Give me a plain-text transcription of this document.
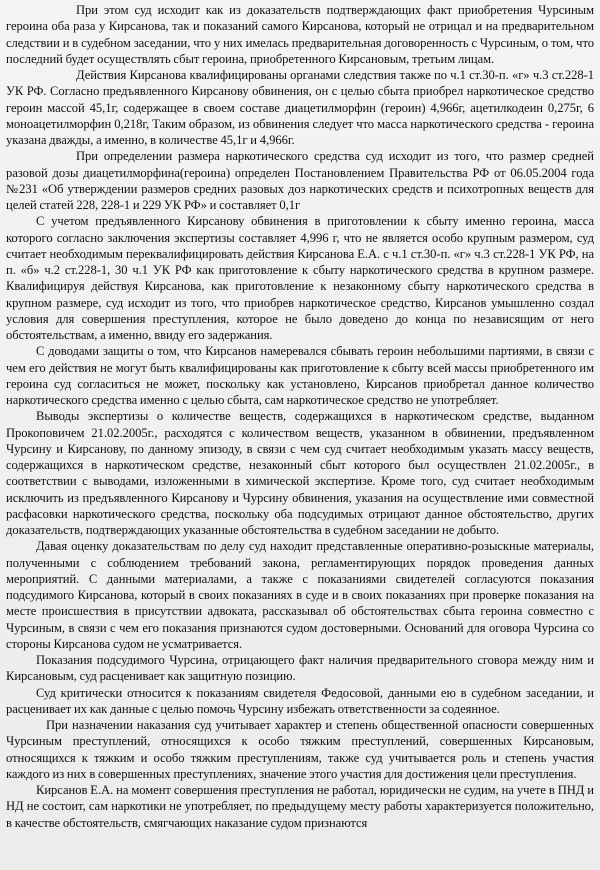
При этом суд исходит как из доказательств подтверждающих факт приобретения Чурсиным героина оба раза у Кирсанова, так и показаний самого Кирсанова, который не отрицал и на предварительном следствии и в судебном заседании, что у них имелась предварительная договоренность с Чурсиным, о том, что последний будет осуществлять сбыт героина, приобретенного Кирсановым, третьим лицам.

Действия Кирсанова квалифицированы органами следствия также по ч.1 ст.30-п. «г» ч.3 ст.228-1 УК РФ. Согласно предъявленного Кирсанову обвинения, он с целью сбыта приобрел наркотическое средство героин массой 45,1г, содержащее в своем составе диацетилморфин (героин) 4,966г, ацетилкодеин 0,275г, 6 моноацетилморфин 0,218г, Таким образом, из обвинения следует что масса наркотического средства - героина указана дважды, а именно, в количестве 45,1г и 4,966г.

При определении размера наркотического средства суд исходит из того, что размер средней разовой дозы диацетилморфина(героина) определен Постановлением Правительства РФ от 06.05.2004 года №231 «Об утверждении размеров средних разовых доз наркотических средств и психотропных веществ для целей статей 228, 228-1 и 229 УК РФ» и составляет 0,1г

С учетом предъявленного Кирсанову обвинения в приготовлении к сбыту именно героина, масса которого согласно заключения экспертизы составляет 4,996 г, что не является особо крупным размером, суд считает необходимым переквалифицировать действия Кирсанова Е.А. с ч.1 ст.30-п. «г» ч.3 ст.228-1 УК РФ, на п. «б» ч.2 ст.228-1, 30 ч.1 УК РФ как приготовление к сбыту наркотического средства в крупном размере. Квалифицируя действуя Кирсанова, как приготовление к незаконному сбыту наркотического средства в крупном размере, суд исходит из того, что приобрев наркотическое средство, Кирсанов умышленно создал условия для совершения преступления, которое не было доведено до конца по независящим от него обстоятельствам, а именно, ввиду его задержания.

С доводами защиты о том, что Кирсанов намеревался сбывать героин небольшими партиями, в связи с чем его действия не могут быть квалифицированы как приготовление к сбыту всей массы приобретенного им героина суд согласиться не может, поскольку как установлено, Кирсанов приобретал данное количество наркотического средства именно с целью сбыта, сам наркотическое средство не употребляет.

Выводы экспертизы о количестве веществ, содержащихся в наркотическом средстве, выданном Прокоповичем 21.02.2005г., расходятся с количеством веществ, указанном в обвинении, предъявленном Чурсину и Кирсанову, по данному эпизоду, в связи с чем суд считает необходимым указать массу веществ, содержащихся в наркотическом средстве, незаконный сбыт которого был осуществлен 21.02.2005г., в соответствии с выводами, изложенными в химической экспертизе. Кроме того, суд считает необходимым исключить из предъявленного Кирсанову и Чурсину обвинения, указания на осуществление ими совместной расфасовки наркотического средства, поскольку оба подсудимых отрицают данное обстоятельство, других доказательств, подтверждающих указанные обстоятельства в судебном заседании не добыто.

Давая оценку доказательствам по делу суд находит представленные оперативно-розыскные материалы, полученными с соблюдением требований закона, регламентирующих порядок проведения данных мероприятий. С данными материалами, а также с показаниями свидетелей согласуются показания подсудимого Кирсанова, который в своих показаниях в суде и в своих показаниях при проверке показания на месте происшествия в присутствии адвоката, рассказывал об обстоятельствах сбыта героина совместно с Чурсиным, в связи с чем его показания признаются судом достоверными. Оснований для оговора Чурсина со стороны Кирсанова судом не усматривается.

Показания подсудимого Чурсина, отрицающего факт наличия предварительного сговора между ним и Кирсановым, суд расценивает как защитную позицию.

Суд критически относится к показаниям свидетеля Федосовой, данными ею в судебном заседании, и расценивает их как данные с целью помочь Чурсину избежать ответственности за содеянное.

При назначении наказания суд учитывает характер и степень общественной опасности совершенных Чурсиным преступлений, относящихся к особо тяжким преступлений, совершенных Кирсановым, относящихся к тяжким и особо тяжким преступлениям, также суд учитывается роль и степень участия каждого из них в совершенных преступлениях, значение этого участия для достижения цели преступления.

Кирсанов Е.А. на момент совершения преступления не работал, юридически не судим, на учете в ПНД и НД не состоит, сам наркотики не употребляет, по предыдущему месту работы характеризуется положительно, в качестве обстоятельств, смягчающих наказание судом признаются
